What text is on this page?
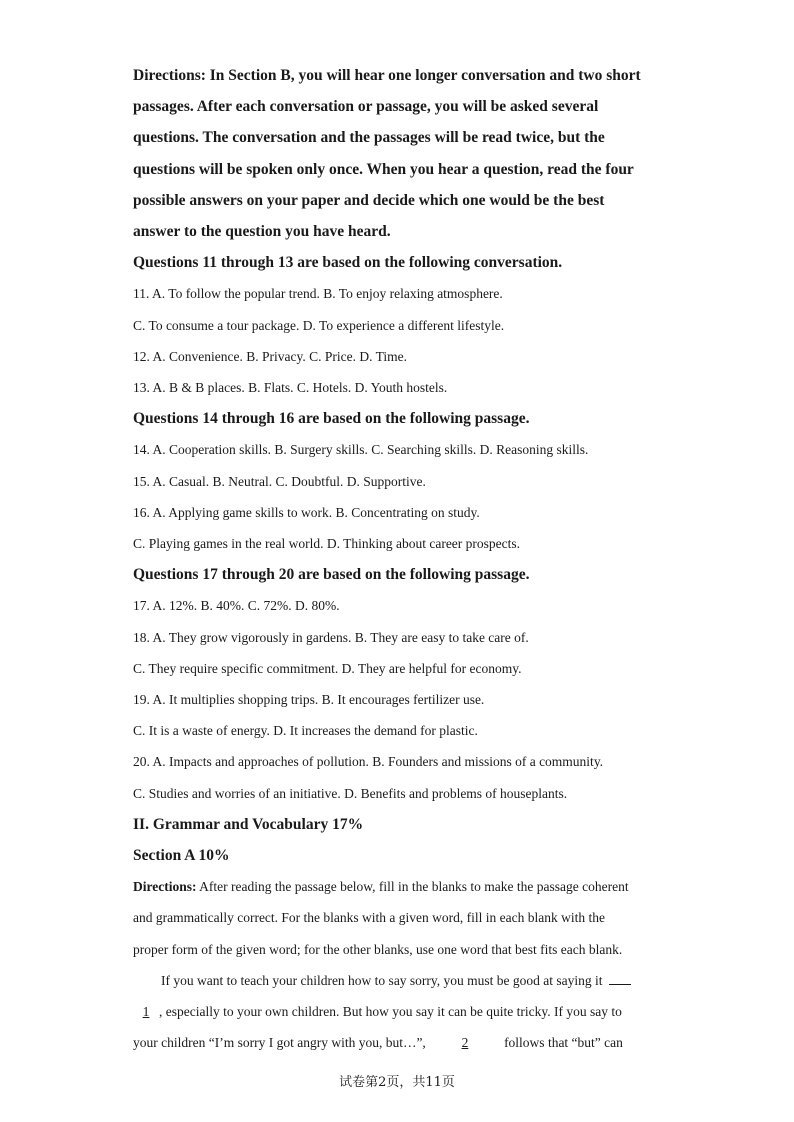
Directions: In Section B, you will hear one longer conversation and two short

passages. After each conversation or passage, you will be asked several

questions. The conversation and the passages will be read twice, but the

questions will be spoken only once. When you hear a question, read the four

possible answers on your paper and decide which one would be the best

answer to the question you have heard.

Questions 11 through 13 are based on the following conversation.

11. A. To follow the popular trend. B. To enjoy relaxing atmosphere.

C. To consume a tour package. D. To experience a different lifestyle.

12. A. Convenience. B. Privacy. C. Price. D. Time.

13. A. B & B places. B. Flats. C. Hotels. D. Youth hostels.

Questions 14 through 16 are based on the following passage.

14. A. Cooperation skills. B. Surgery skills. C. Searching skills. D. Reasoning skills.

15. A. Casual. B. Neutral. C. Doubtful. D. Supportive.

16. A. Applying game skills to work. B. Concentrating on study.

C. Playing games in the real world. D. Thinking about career prospects.

Questions 17 through 20 are based on the following passage.

17. A. 12%. B. 40%. C. 72%. D. 80%.

18. A. They grow vigorously in gardens. B. They are easy to take care of.

C. They require specific commitment. D. They are helpful for economy.

19. A. It multiplies shopping trips. B. It encourages fertilizer use.

C. It is a waste of energy. D. It increases the demand for plastic.

20. A. Impacts and approaches of pollution. B. Founders and missions of a community.

C. Studies and worries of an initiative. D. Benefits and problems of houseplants.

II. Grammar and Vocabulary 17%

Section A 10%

Directions: After reading the passage below, fill in the blanks to make the passage coherent

and grammatically correct. For the blanks with a given word, fill in each blank with the

proper form of the given word; for the other blanks, use one word that best fits each blank.

If you want to teach your children how to say sorry, you must be good at saying it

1 , especially to your own children. But how you say it can be quite tricky. If you say to

your children “I’m sorry I got angry with you, but…”,	2	follows that “but” can

试卷第2页，共11页
